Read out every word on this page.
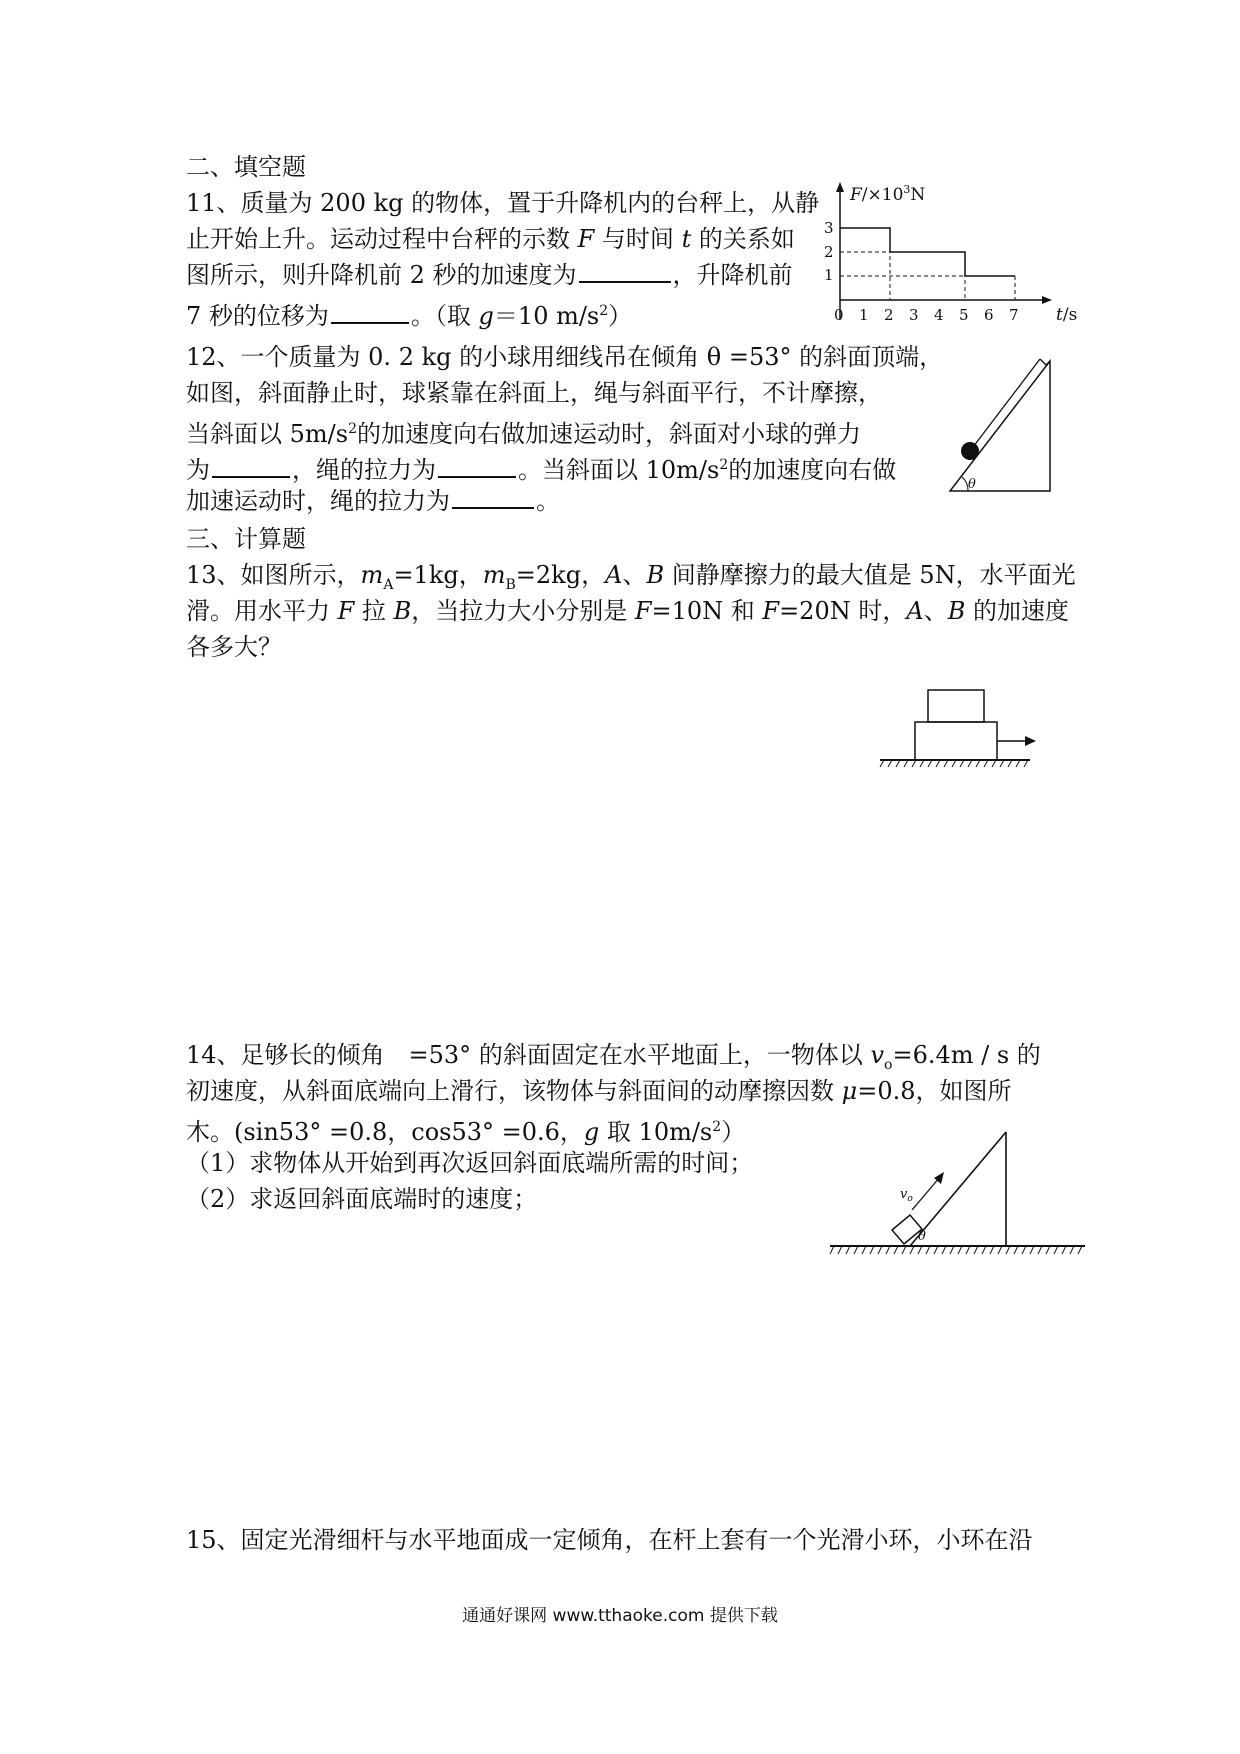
二、填空题
11、质量为 200 kg 的物体，置于升降机内的台秤上，从静
止开始上升。运动过程中台秤的示数 F 与时间 t 的关系如
图所示，则升降机前 2 秒的加速度为	，升降机前
7 秒的位移为	。（取 g＝10 $m/s^2$）
$F/\times 10^3N$
t/s
3
2
1
0 1 2 3 4 5 6 7
12、一个质量为 0. 2 kg 的小球用细线吊在倾角 θ =53° 的斜面顶端，
如图，斜面静止时，球紧靠在斜面上，绳与斜面平行，不计摩擦，
当斜面以 $5m/s^2$的加速度向右做加速运动时，斜面对小球的弹力
为	，绳的拉力为	。当斜面以 $10m/s^2$的加速度向右做
加速运动时，绳的拉力为	。
θ
三、计算题
13、如图所示，$m_A=1kg$，$m_B=2kg$，A、B 间静摩擦力的最大值是 5N，水平面光
滑。用水平力 F 拉 B，当拉力大小分别是 F=10N 和 F=20N 时，A、B 的加速度
各多大？
14、足够长的倾角　=53° 的斜面固定在水平地面上，一物体以 $v_o=6.4m / s$ 的
初速度，从斜面底端向上滑行，该物体与斜面间的动摩擦因数 μ=0.8，如图所
木。(sin53° =0.8，cos53° =0.6，g 取 $10m/s^2$）
（1）求物体从开始到再次返回斜面底端所需的时间；
（2）求返回斜面底端时的速度；	$v_o$
θ
15、固定光滑细杆与水平地面成一定倾角，在杆上套有一个光滑小环，小环在沿
通通好课网 www.tthaoke.com 提供下载
